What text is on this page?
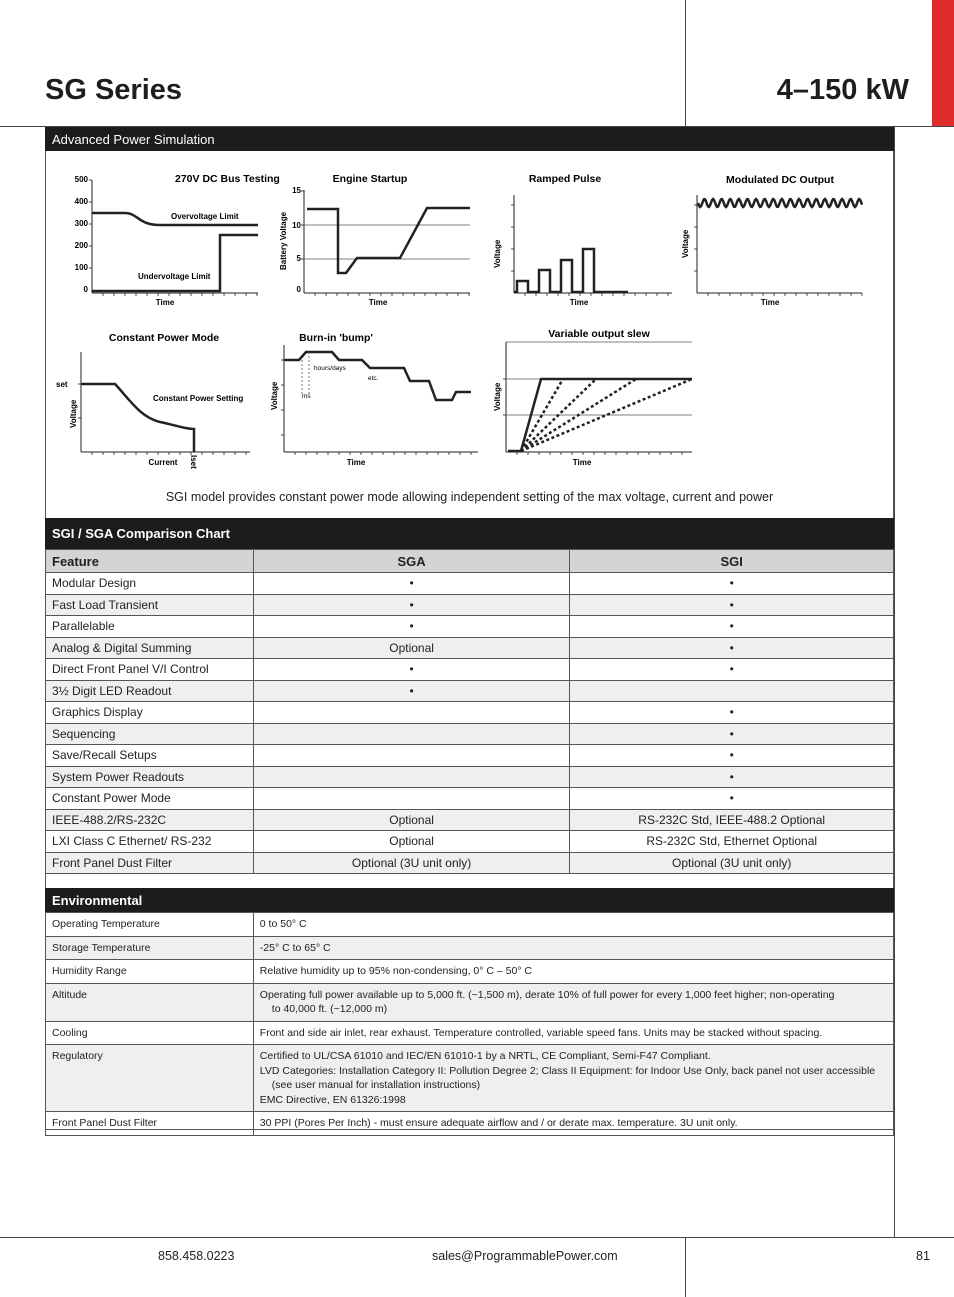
SG Series	4–150 kW
Advanced Power Simulation
270V DC Bus Testing
500
400
300
200
100
0
Overvoltage Limit
Undervoltage Limit
Time
Engine Startup
15
10
5
0
Battery Voltage
Time
Ramped Pulse
Voltage
Time
Modulated DC Output
Voltage
Time
Constant Power Mode
set
Constant Power Setting
Voltage
Current Iset
Burn-in 'bump'
hours/days
ms
etc.
Voltage
Time
Variable output slew
Voltage
Time
SGI model provides constant power mode allowing independent setting of the max voltage, current and power
SGI / SGA Comparison Chart
Feature	SGA	SGI
Modular Design	•	•
Fast Load Transient	•	•
Parallelable	•	•
Analog & Digital Summing	Optional	•
Direct Front Panel V/I Control	•	•
3½ Digit LED Readout	•	
Graphics Display		•
Sequencing		•
Save/Recall Setups		•
System Power Readouts		•
Constant Power Mode		•
IEEE-488.2/RS-232C	Optional	RS-232C Std, IEEE-488.2 Optional
LXI Class C Ethernet/ RS-232	Optional	RS-232C Std, Ethernet Optional
Front Panel Dust Filter	Optional (3U unit only)	Optional (3U unit only)
Environmental
Operating Temperature	0 to 50° C

Storage Temperature	-25° C to 65° C

Humidity Range	Relative humidity up to 95% non-condensing, 0° C – 50° C

Altitude	Operating full power available up to 5,000 ft. (~1,500 m), derate 10% of full power for every 1,000 feet higher; non-operating
to 40,000 ft. (~12,000 m)

Cooling	Front and side air inlet, rear exhaust. Temperature controlled, variable speed fans. Units may be stacked without spacing.

Regulatory	Certified to UL/CSA 61010 and IEC/EN 61010-1 by a NRTL, CE Compliant, Semi-F47 Compliant.
LVD Categories: Installation Category II: Pollution Degree 2; Class II Equipment: for Indoor Use Only, back panel not user accessible
(see user manual for installation instructions)
EMC Directive, EN 61326:1998

Front Panel Dust Filter	30 PPI (Pores Per Inch) - must ensure adequate airflow and / or derate max. temperature. 3U unit only.
858.458.0223	sales@ProgrammablePower.com	81
